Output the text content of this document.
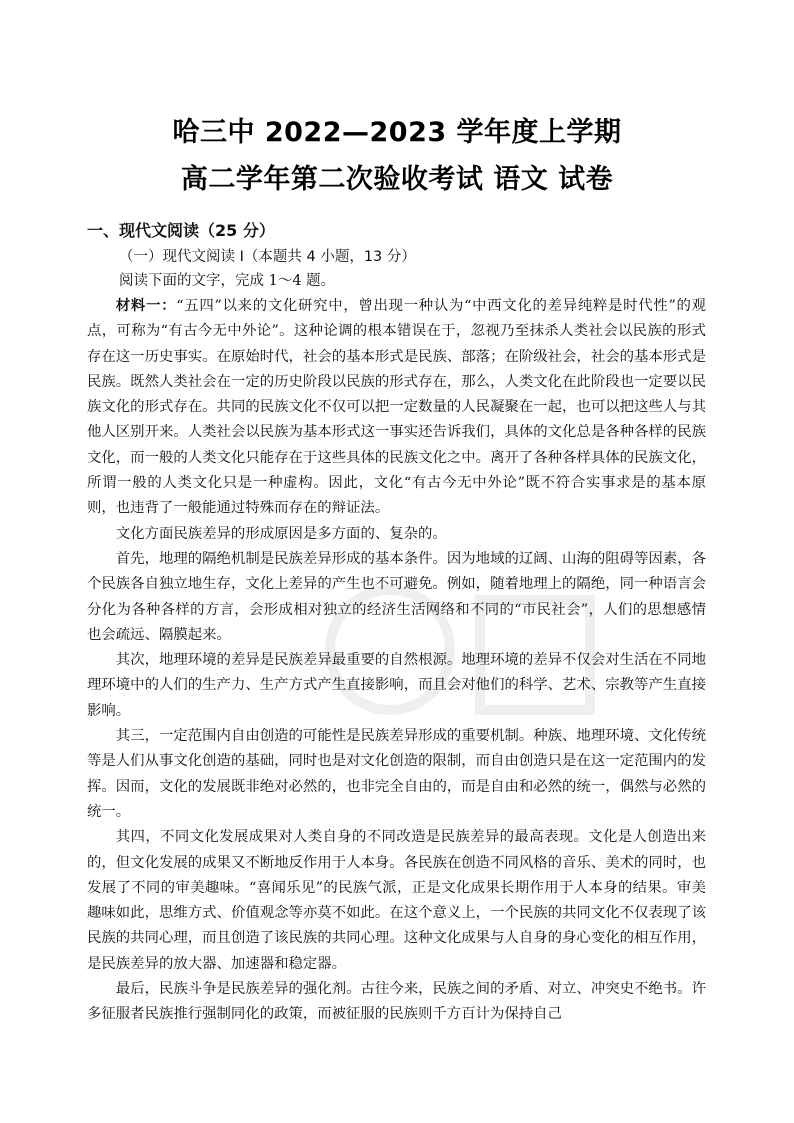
哈三中 2022—2023 学年度上学期
高二学年第二次验收考试 语文 试卷
一、现代文阅读（25 分）
（一）现代文阅读 I（本题共 4 小题，13 分）
阅读下面的文字，完成 1～4 题。

材料一：“五四”以来的文化研究中，曾出现一种认为“中西文化的差异纯粹是时代性”的观点，可称为“有古今无中外论”。这种论调的根本错误在于，忽视乃至抹杀人类社会以民族的形式存在这一历史事实。在原始时代，社会的基本形式是民族、部落；在阶级社会，社会的基本形式是民族。既然人类社会在一定的历史阶段以民族的形式存在，那么，人类文化在此阶段也一定要以民族文化的形式存在。共同的民族文化不仅可以把一定数量的人民凝聚在一起，也可以把这些人与其他人区别开来。人类社会以民族为基本形式这一事实还告诉我们，具体的文化总是各种各样的民族文化，而一般的人类文化只能存在于这些具体的民族文化之中。离开了各种各样具体的民族文化，所谓一般的人类文化只是一种虚构。因此，文化“有古今无中外论”既不符合实事求是的基本原则，也违背了一般能通过特殊而存在的辩证法。

文化方面民族差异的形成原因是多方面的、复杂的。

首先，地理的隔绝机制是民族差异形成的基本条件。因为地域的辽阔、山海的阻碍等因素，各个民族各自独立地生存，文化上差异的产生也不可避免。例如，随着地理上的隔绝，同一种语言会分化为各种各样的方言，会形成相对独立的经济生活网络和不同的“市民社会”，人们的思想感情也会疏远、隔膜起来。

其次，地理环境的差异是民族差异最重要的自然根源。地理环境的差异不仅会对生活在不同地理环境中的人们的生产力、生产方式产生直接影响，而且会对他们的科学、艺术、宗教等产生直接影响。

其三，一定范围内自由创造的可能性是民族差异形成的重要机制。种族、地理环境、文化传统等是人们从事文化创造的基础，同时也是对文化创造的限制，而自由创造只是在这一定范围内的发挥。因而，文化的发展既非绝对必然的，也非完全自由的，而是自由和必然的统一，偶然与必然的统一。

其四，不同文化发展成果对人类自身的不同改造是民族差异的最高表现。文化是人创造出来的，但文化发展的成果又不断地反作用于人本身。各民族在创造不同风格的音乐、美术的同时，也发展了不同的审美趣味。“喜闻乐见”的民族气派，正是文化成果长期作用于人本身的结果。审美趣味如此，思维方式、价值观念等亦莫不如此。在这个意义上，一个民族的共同文化不仅表现了该民族的共同心理，而且创造了该民族的共同心理。这种文化成果与人自身的身心变化的相互作用，是民族差异的放大器、加速器和稳定器。

最后，民族斗争是民族差异的强化剂。古往今来，民族之间的矛盾、对立、冲突史不绝书。许多征服者民族推行强制同化的政策，而被征服的民族则千方百计为保持自己
